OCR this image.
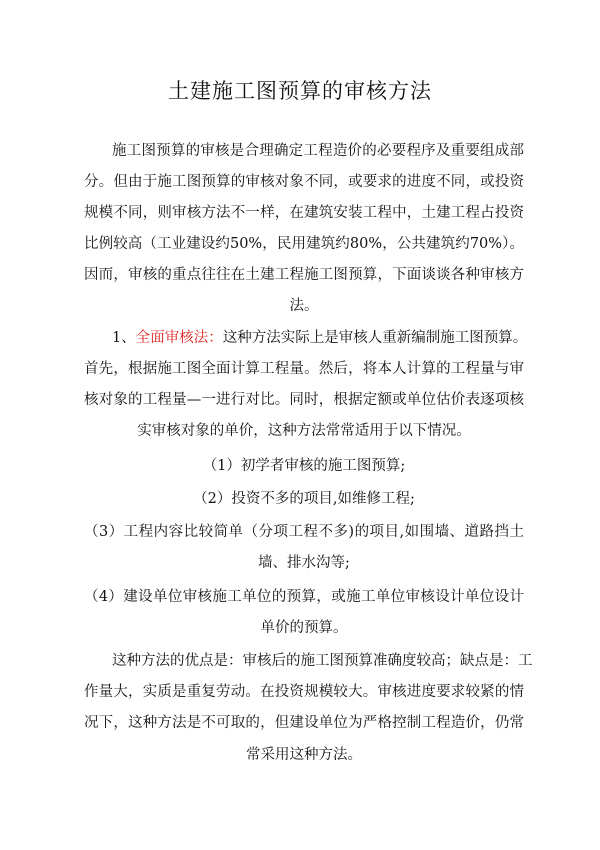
土建施工图预算的审核方法
施工图预算的审核是合理确定工程造价的必要程序及重要组成部
分。但由于施工图预算的审核对象不同，或要求的进度不同，或投资
规模不同，则审核方法不一样，在建筑安装工程中，土建工程占投资
比例较高（工业建设约50%，民用建筑约80%，公共建筑约70%）。
因而，审核的重点往往在土建工程施工图预算，下面谈谈各种审核方
法。
1、全面审核法：这种方法实际上是审核人重新编制施工图预算。
首先，根据施工图全面计算工程量。然后，将本人计算的工程量与审
核对象的工程量—一进行对比。同时，根据定额或单位估价表逐项核
实审核对象的单价，这种方法常常适用于以下情况。
（1）初学者审核的施工图预算;
（2）投资不多的项目,如维修工程;
（3）工程内容比较简单（分项工程不多)的项目,如围墙、道路挡土
墙、排水沟等;
（4）建设单位审核施工单位的预算，或施工单位审核设计单位设计
单价的预算。
这种方法的优点是：审核后的施工图预算准确度较高；缺点是：工
作量大，实质是重复劳动。在投资规模较大。审核进度要求较紧的情
况下，这种方法是不可取的，但建设单位为严格控制工程造价，仍常
常采用这种方法。
